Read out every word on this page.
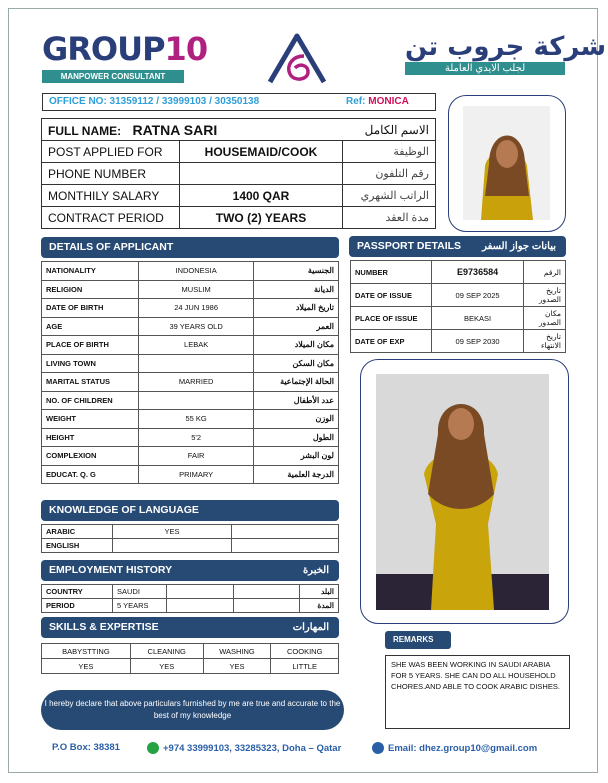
GROUP10
MANPOWER CONSULTANT
شركة جروب تن
لجلب الايدي العاملة
OFFICE NO: 31359112 / 33999103 / 30350138	Ref: MONICA
FULL NAME: RATNA SARI		الاسم الكامل
POST APPLIED FOR	HOUSEMAID/COOK	الوظيفة
PHONE NUMBER		رقم التلفون
MONTHILY SALARY	1400 QAR	الراتب الشهري
CONTRACT PERIOD	TWO (2) YEARS	مدة العقد
DETAILS OF APPLICANT
NATIONALITY	INDONESIA	الجنسية
RELIGION	MUSLIM	الديانة
DATE OF BIRTH	24 JUN 1986	تاريخ الميلاد
AGE	39 YEARS OLD	العمر
PLACE OF BIRTH	LEBAK	مكان الميلاد
LIVING TOWN		مكان السكن
MARITAL STATUS	MARRIED	الحالة الإجتماعية
NO. OF CHILDREN		عدد الأطفال
WEIGHT	55 KG	الوزن
HEIGHT	5'2	الطول
COMPLEXION	FAIR	لون البشر
EDUCAT. Q. G	PRIMARY	الدرجة العلمية
PASSPORT DETAILS بيانات جواز السفر
NUMBER	E9736584	الرقم
DATE OF ISSUE	09 SEP 2025	تاريخ الصدور
PLACE OF ISSUE	BEKASI	مكان الصدور
DATE OF EXP	09 SEP 2030	تاريخ الانتهاء
KNOWLEDGE OF LANGUAGE
ARABIC	YES	
ENGLISH		
EMPLOYMENT HISTORY	الخبرة
COUNTRY	SAUDI			البلد
PERIOD	5 YEARS			المدة
SKILLS & EXPERTISE	المهارات
BABYSTTING	CLEANING	WASHING	COOKING
YES	YES	YES	LITTLE
REMARKS
SHE WAS BEEN WORKING IN SAUDI ARABIA FOR 5 YEARS. SHE CAN DO ALL HOUSEHOLD CHORES.AND ABLE TO COOK ARABIC DISHES.
I hereby declare that above particulars furnished by me are true and accurate to the best of my knowledge
P.O Box: 38381	+974 33999103, 33285323, Doha – Qatar	Email: dhez.group10@gmail.com
